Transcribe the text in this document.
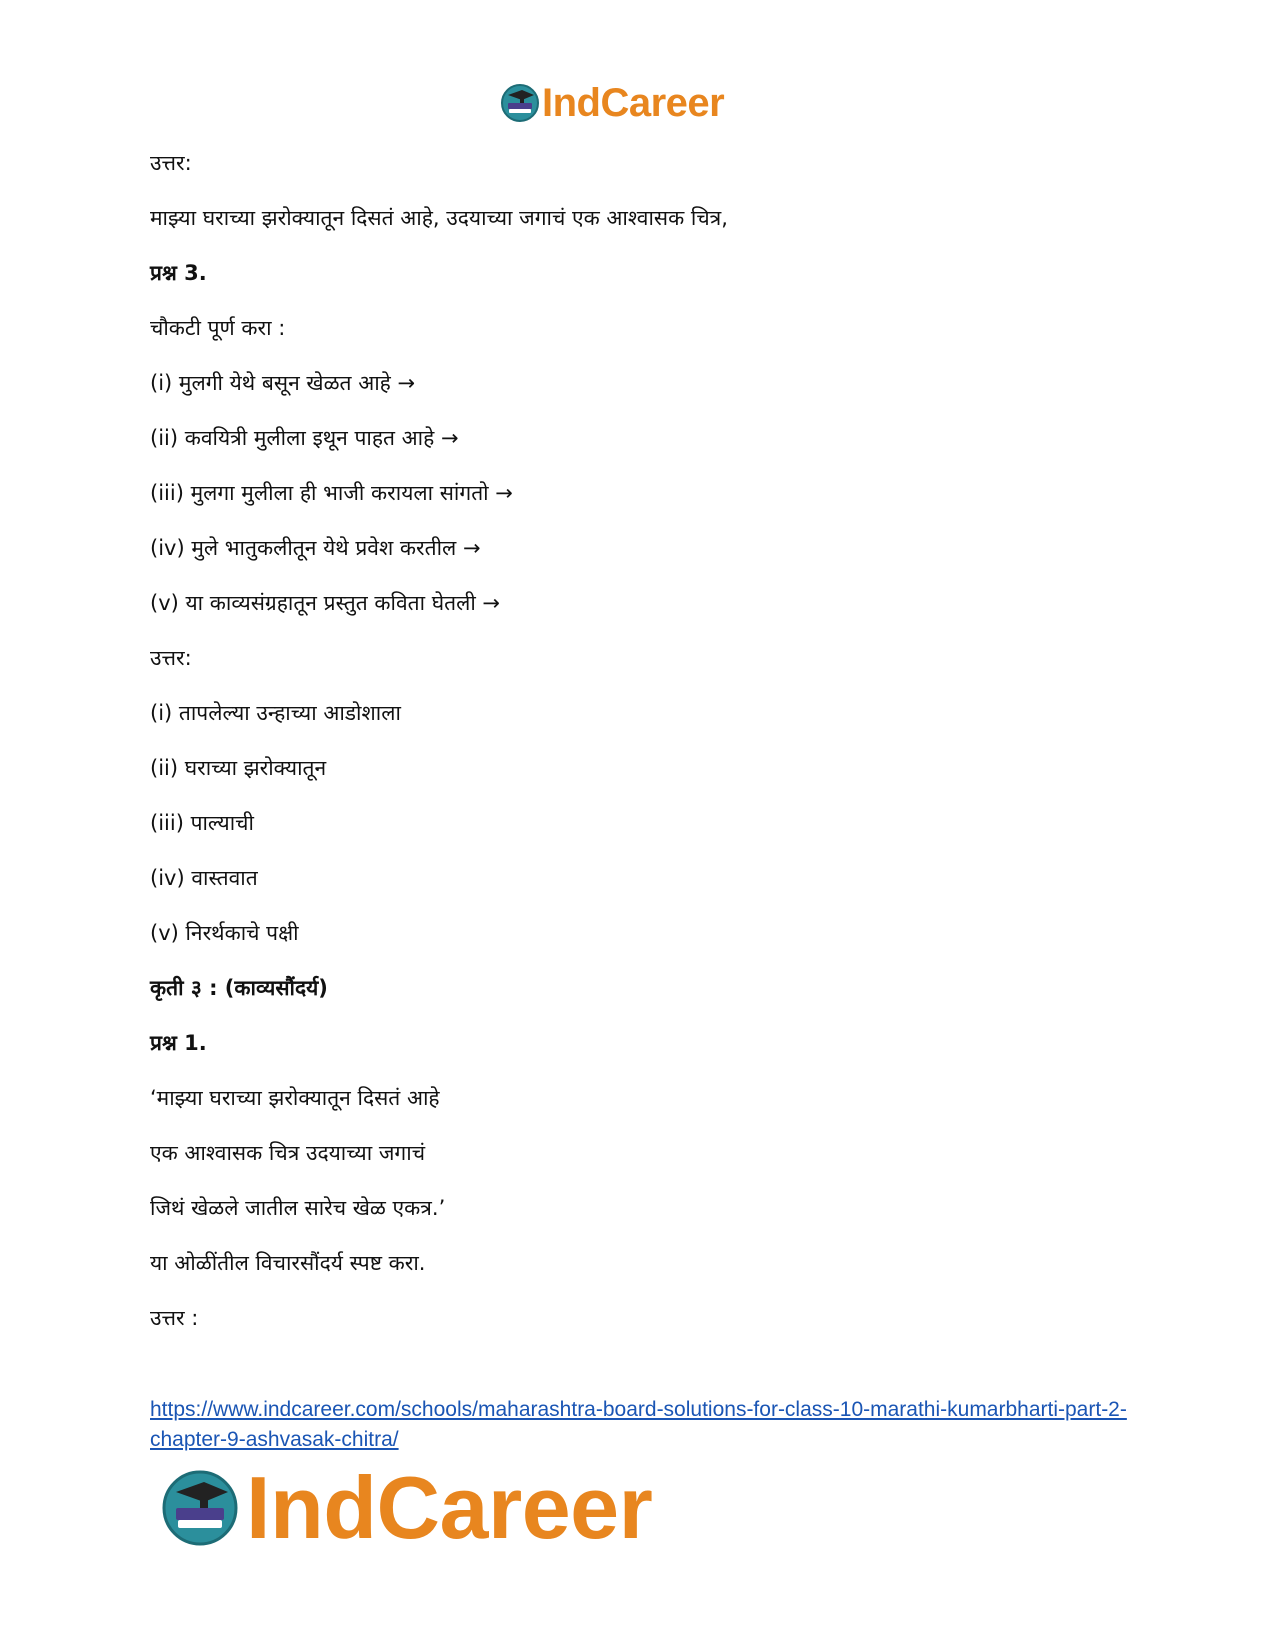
IndCareer
उत्तर:
माझ्या घराच्या झरोक्यातून दिसतं आहे, उदयाच्या जगाचं एक आश्वासक चित्र,
प्रश्न 3.
चौकटी पूर्ण करा :
(i) मुलगी येथे बसून खेळत आहे →
(ii) कवयित्री मुलीला इथून पाहत आहे →
(iii) मुलगा मुलीला ही भाजी करायला सांगतो →
(iv) मुले भातुकलीतून येथे प्रवेश करतील →
(v) या काव्यसंग्रहातून प्रस्तुत कविता घेतली →
उत्तर:
(i) तापलेल्या उन्हाच्या आडोशाला
(ii) घराच्या झरोक्यातून
(iii) पाल्याची
(iv) वास्तवात
(v) निरर्थकाचे पक्षी
कृती ३ : (काव्यसौंदर्य)
प्रश्न 1.
‘माझ्या घराच्या झरोक्यातून दिसतं आहे
एक आश्वासक चित्र उदयाच्या जगाचं
जिथं खेळले जातील सारेच खेळ एकत्र.’
या ओळींतील विचारसौंदर्य स्पष्ट करा.
उत्तर :
https://www.indcareer.com/schools/maharashtra-board-solutions-for-class-10-marathi-kumarbharti-part-2-chapter-9-ashvasak-chitra/
IndCareer
